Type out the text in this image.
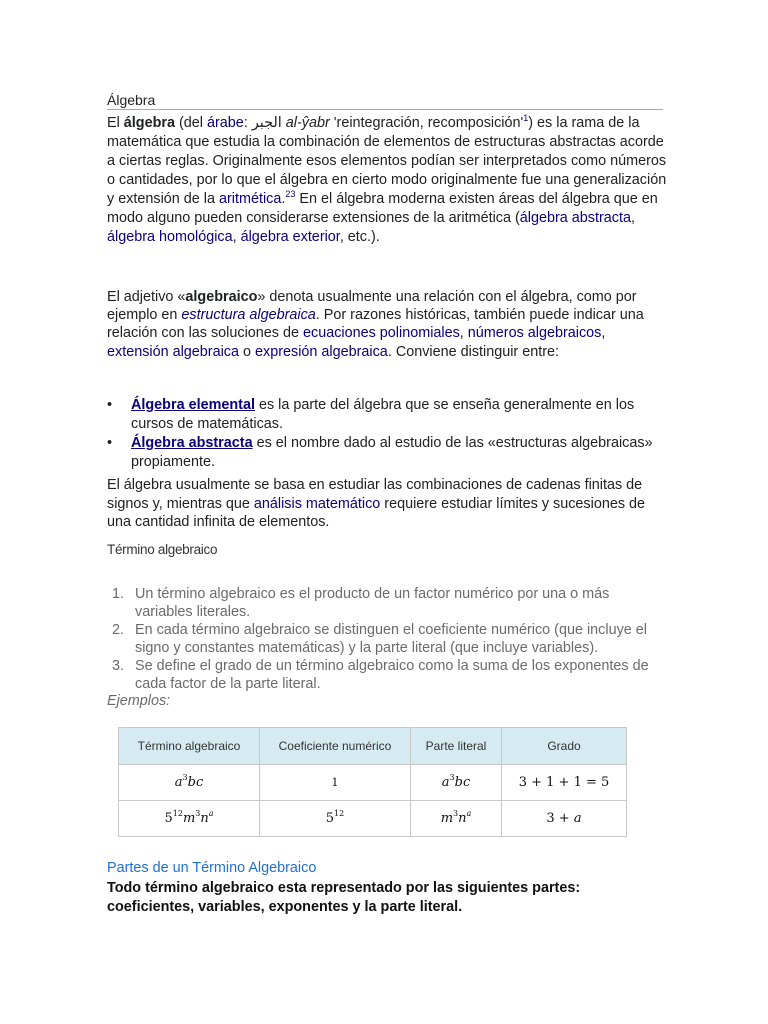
Álgebra
El álgebra (del árabe: الجبر al-ŷabr 'reintegración, $recomposición'^1$) es la rama de la matemática que estudia la combinación de elementos de estructuras abstractas acorde a ciertas reglas. Originalmente esos elementos podían ser interpretados como números o cantidades, por lo que el álgebra en cierto modo originalmente fue una generalización y extensión de la aritmética.$^{23}$ En el álgebra moderna existen áreas del álgebra que en modo alguno pueden considerarse extensiones de la aritmética (álgebra abstracta, álgebra homológica, álgebra exterior, etc.).
El adjetivo «algebraico» denota usualmente una relación con el álgebra, como por ejemplo en estructura algebraica. Por razones históricas, también puede indicar una relación con las soluciones de ecuaciones polinomiales, números algebraicos, extensión algebraica o expresión algebraica. Conviene distinguir entre:
• Álgebra elemental es la parte del álgebra que se enseña generalmente en los cursos de matemáticas.
• Álgebra abstracta es el nombre dado al estudio de las «estructuras algebraicas» propiamente.
El álgebra usualmente se basa en estudiar las combinaciones de cadenas finitas de signos y, mientras que análisis matemático requiere estudiar límites y sucesiones de una cantidad infinita de elementos.
Término algebraico
1. Un término algebraico es el producto de un factor numérico por una o más variables literales.
2. En cada término algebraico se distinguen el coeficiente numérico (que incluye el signo y constantes matemáticas) y la parte literal (que incluye variables).
3. Se define el grado de un término algebraico como la suma de los exponentes de cada factor de la parte literal.
Ejemplos:
Término algebraico	Coeficiente numérico	Parte literal	Grado
$a^3bc$	1	$a^3bc$	3 + 1 + 1 = 5
$5^{12}m^3n^a$	$5^{12}$	$m^3n^a$	3 + a
Partes de un Término Algebraico
Todo término algebraico esta representado por las siguientes partes: coeficientes, variables, exponentes y la parte literal.
